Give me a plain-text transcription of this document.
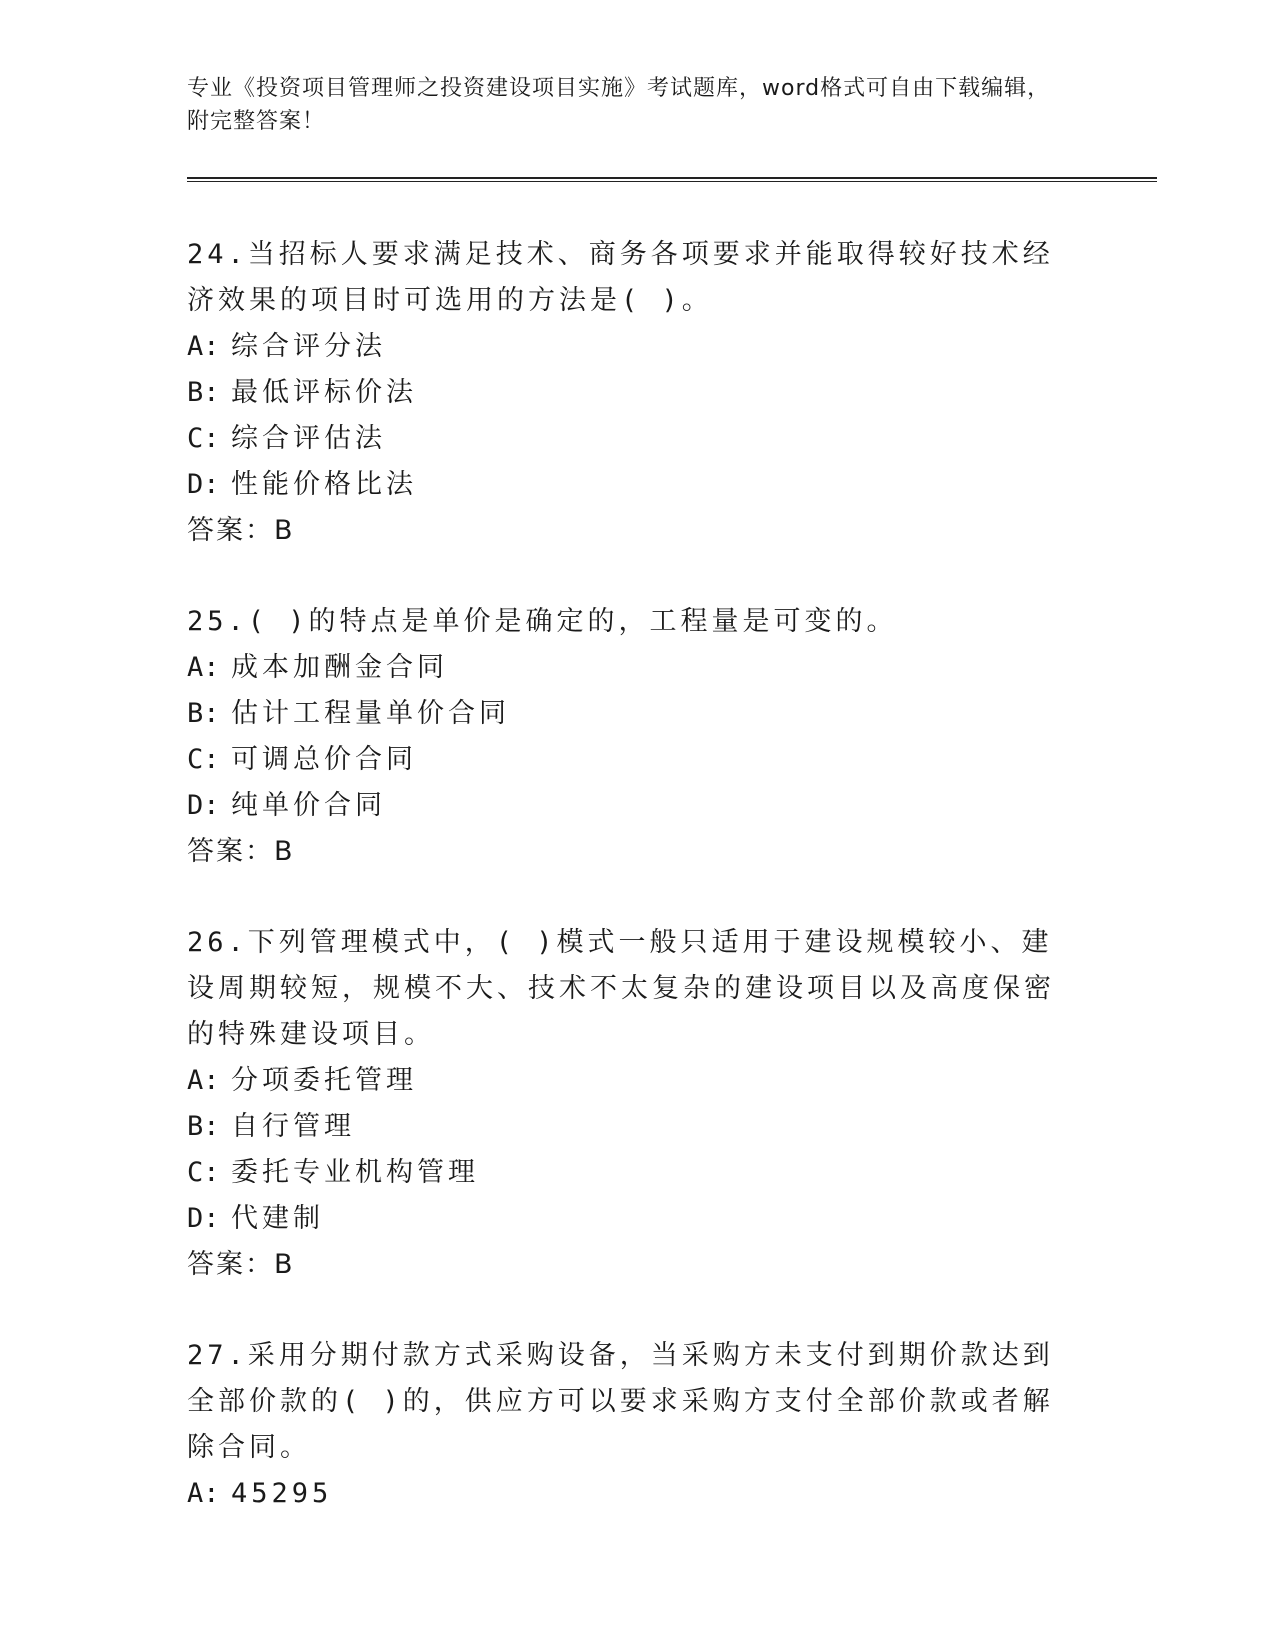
专业《投资项目管理师之投资建设项目实施》考试题库，word格式可自由下载编辑，附完整答案！

24.当招标人要求满足技术、商务各项要求并能取得较好技术经济效果的项目时可选用的方法是( )。

A: 综合评分法

B: 最低评标价法

C: 综合评估法

D: 性能价格比法

答案：B

25.( )的特点是单价是确定的，工程量是可变的。

A: 成本加酬金合同

B: 估计工程量单价合同

C: 可调总价合同

D: 纯单价合同

答案：B

26.下列管理模式中，( )模式一般只适用于建设规模较小、建设周期较短，规模不大、技术不太复杂的建设项目以及高度保密的特殊建设项目。

A: 分项委托管理

B: 自行管理

C: 委托专业机构管理

D: 代建制

答案：B

27.采用分期付款方式采购设备，当采购方未支付到期价款达到全部价款的( )的，供应方可以要求采购方支付全部价款或者解除合同。

A: 45295
